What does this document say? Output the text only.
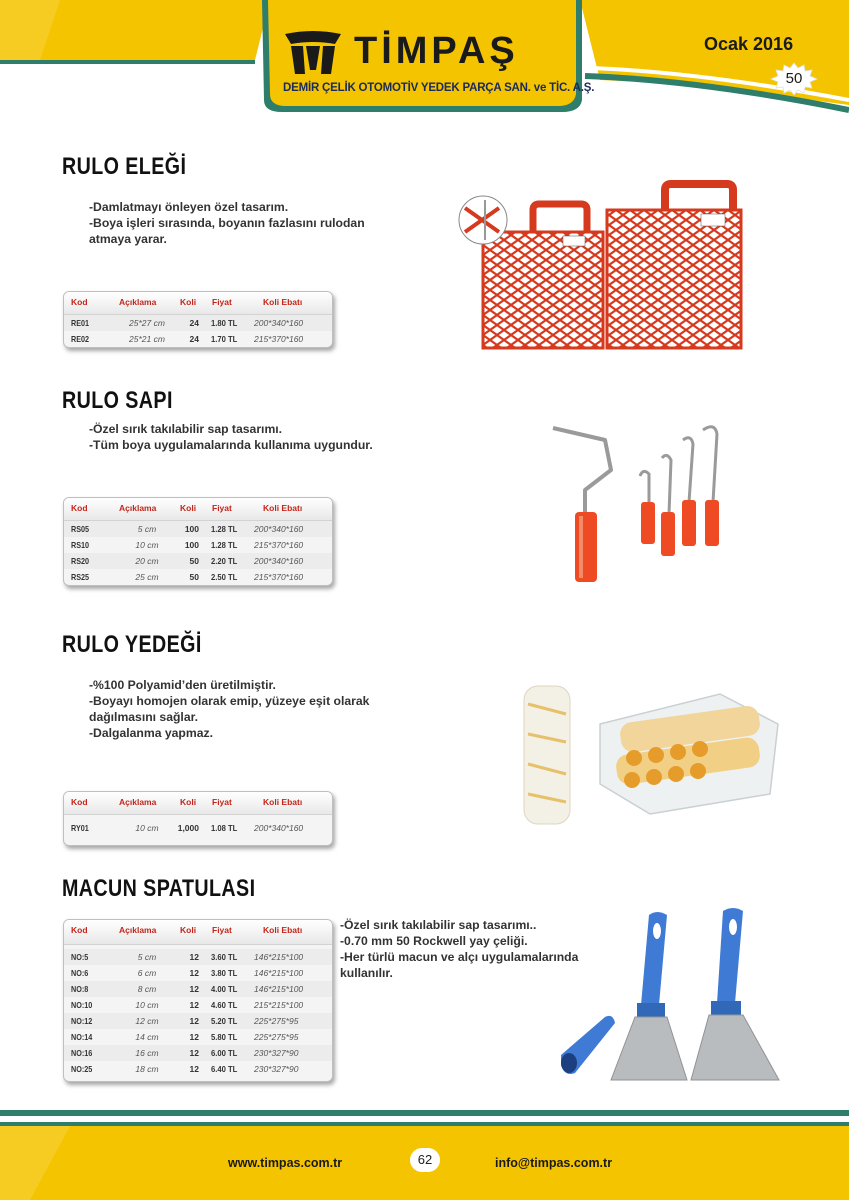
TİMPAŞ
DEMİR ÇELİK OTOMOTİV YEDEK PARÇA SAN. ve TİC. A.Ş.
Ocak 2016
50
RULO ELEĞİ
-Damlatmayı önleyen özel tasarım.
-Boya işleri sırasında, boyanın fazlasını rulodan
atmaya yarar.
Kod	Açıklama	Koli Fiyat	Koli Ebatı
RE01	25*27 cm	24 1.80 TL 200*340*160
RE02	25*21 cm	24 1.70 TL 215*370*160
RULO SAPI
-Özel sırık takılabilir sap tasarımı.
-Tüm boya uygulamalarında kullanıma uygundur.
Kod	Açıklama	Koli Fiyat	Koli Ebatı
RS05	5 cm	100 1.28 TL 200*340*160
RS10	10 cm	100 1.28 TL 215*370*160
RS20	20 cm	50 2.20 TL 200*340*160
RS25	25 cm	50 2.50 TL 215*370*160
RULO YEDEĞİ
-%100 Polyamid’den üretilmiştir.
-Boyayı homojen olarak emip, yüzeye eşit olarak
dağılmasını sağlar.
-Dalgalanma yapmaz.
Kod	Açıklama	Koli Fiyat	Koli Ebatı
RY01	10 cm	1,000 1.08 TL 200*340*160
MACUN SPATULASI
-Özel sırık takılabilir sap tasarımı..
-0.70 mm 50 Rockwell yay çeliği.
-Her türlü macun ve alçı uygulamalarında
kullanılır.
Kod	Açıklama	Koli Fiyat	Koli Ebatı
NO:5	5 cm	12 3.60 TL 146*215*100
NO:6	6 cm	12 3.80 TL 146*215*100
NO:8	8 cm	12 4.00 TL 146*215*100
NO:10	10 cm	12 4.60 TL 215*215*100
NO:12	12 cm	12 5.20 TL 225*275*95
NO:14	14 cm	12 5.80 TL 225*275*95
NO:16	16 cm	12 6.00 TL 230*327*90
NO:25	18 cm	12 6.40 TL 230*327*90
www.timpas.com.tr	62	info@timpas.com.tr
